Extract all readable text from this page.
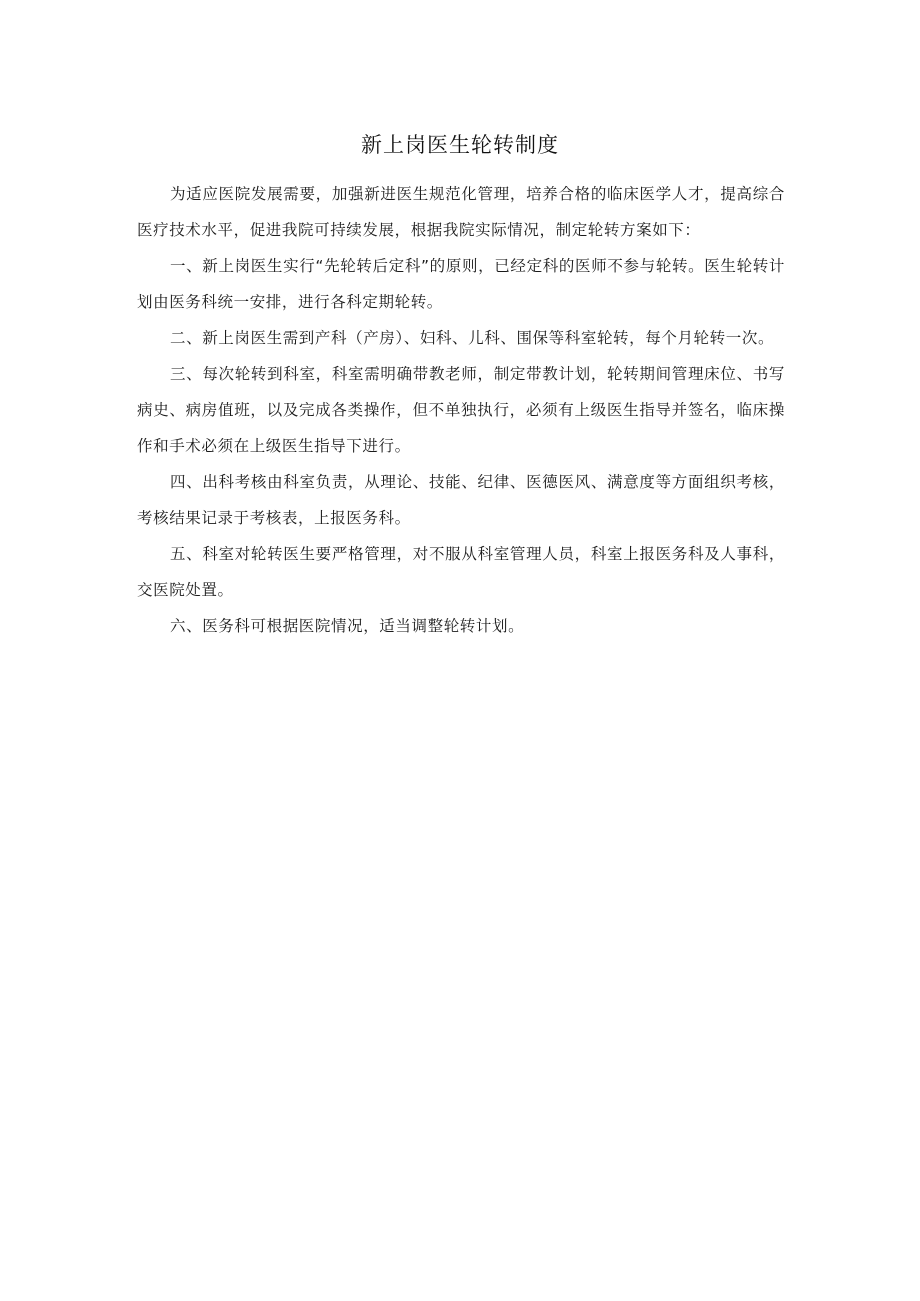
新上岗医生轮转制度

为适应医院发展需要，加强新进医生规范化管理，培养合格的临床医学人才，提高综合医疗技术水平，促进我院可持续发展，根据我院实际情况，制定轮转方案如下：

一、新上岗医生实行“先轮转后定科”的原则，已经定科的医师不参与轮转。医生轮转计划由医务科统一安排，进行各科定期轮转。

二、新上岗医生需到产科（产房）、妇科、儿科、围保等科室轮转，每个月轮转一次。

三、每次轮转到科室，科室需明确带教老师，制定带教计划，轮转期间管理床位、书写病史、病房值班，以及完成各类操作，但不单独执行，必须有上级医生指导并签名，临床操作和手术必须在上级医生指导下进行。

四、出科考核由科室负责，从理论、技能、纪律、医德医风、满意度等方面组织考核，考核结果记录于考核表，上报医务科。

五、科室对轮转医生要严格管理，对不服从科室管理人员，科室上报医务科及人事科，交医院处置。

六、医务科可根据医院情况，适当调整轮转计划。
